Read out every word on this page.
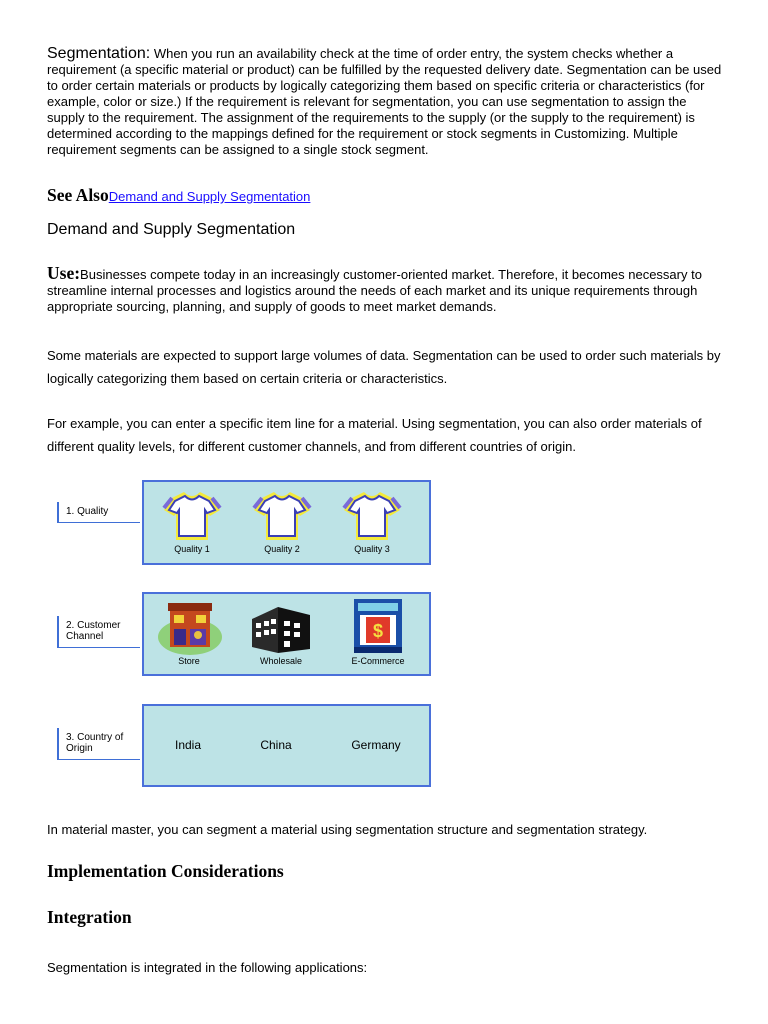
Segmentation: When you run an availability check at the time of order entry, the system checks whether a requirement (a specific material or product) can be fulfilled by the requested delivery date. Segmentation can be used to order certain materials or products by logically categorizing them based on specific criteria or characteristics (for example, color or size.) If the requirement is relevant for segmentation, you can use segmentation to assign the supply to the requirement. The assignment of the requirements to the supply (or the supply to the requirement) is determined according to the mappings defined for the requirement or stock segments in Customizing. Multiple requirement segments can be assigned to a single stock segment.
See AlsoDemand and Supply Segmentation
Demand and Supply Segmentation
Use:Businesses compete today in an increasingly customer-oriented market. Therefore, it becomes necessary to streamline internal processes and logistics around the needs of each market and its unique requirements through appropriate sourcing, planning, and supply of goods to meet market demands.
Some materials are expected to support large volumes of data. Segmentation can be used to order such materials by logically categorizing them based on certain criteria or characteristics.
For example, you can enter a specific item line for a material. Using segmentation, you can also order materials of different quality levels, for different customer channels, and from different countries of origin.
1. Quality
Quality 1	Quality 2	Quality 3
2. Customer Channel	$
Store	Wholesale	E-Commerce
3. Country of Origin	India	China	Germany
In material master, you can segment a material using segmentation structure and segmentation strategy.
Implementation Considerations
Integration
Segmentation is integrated in the following applications:
